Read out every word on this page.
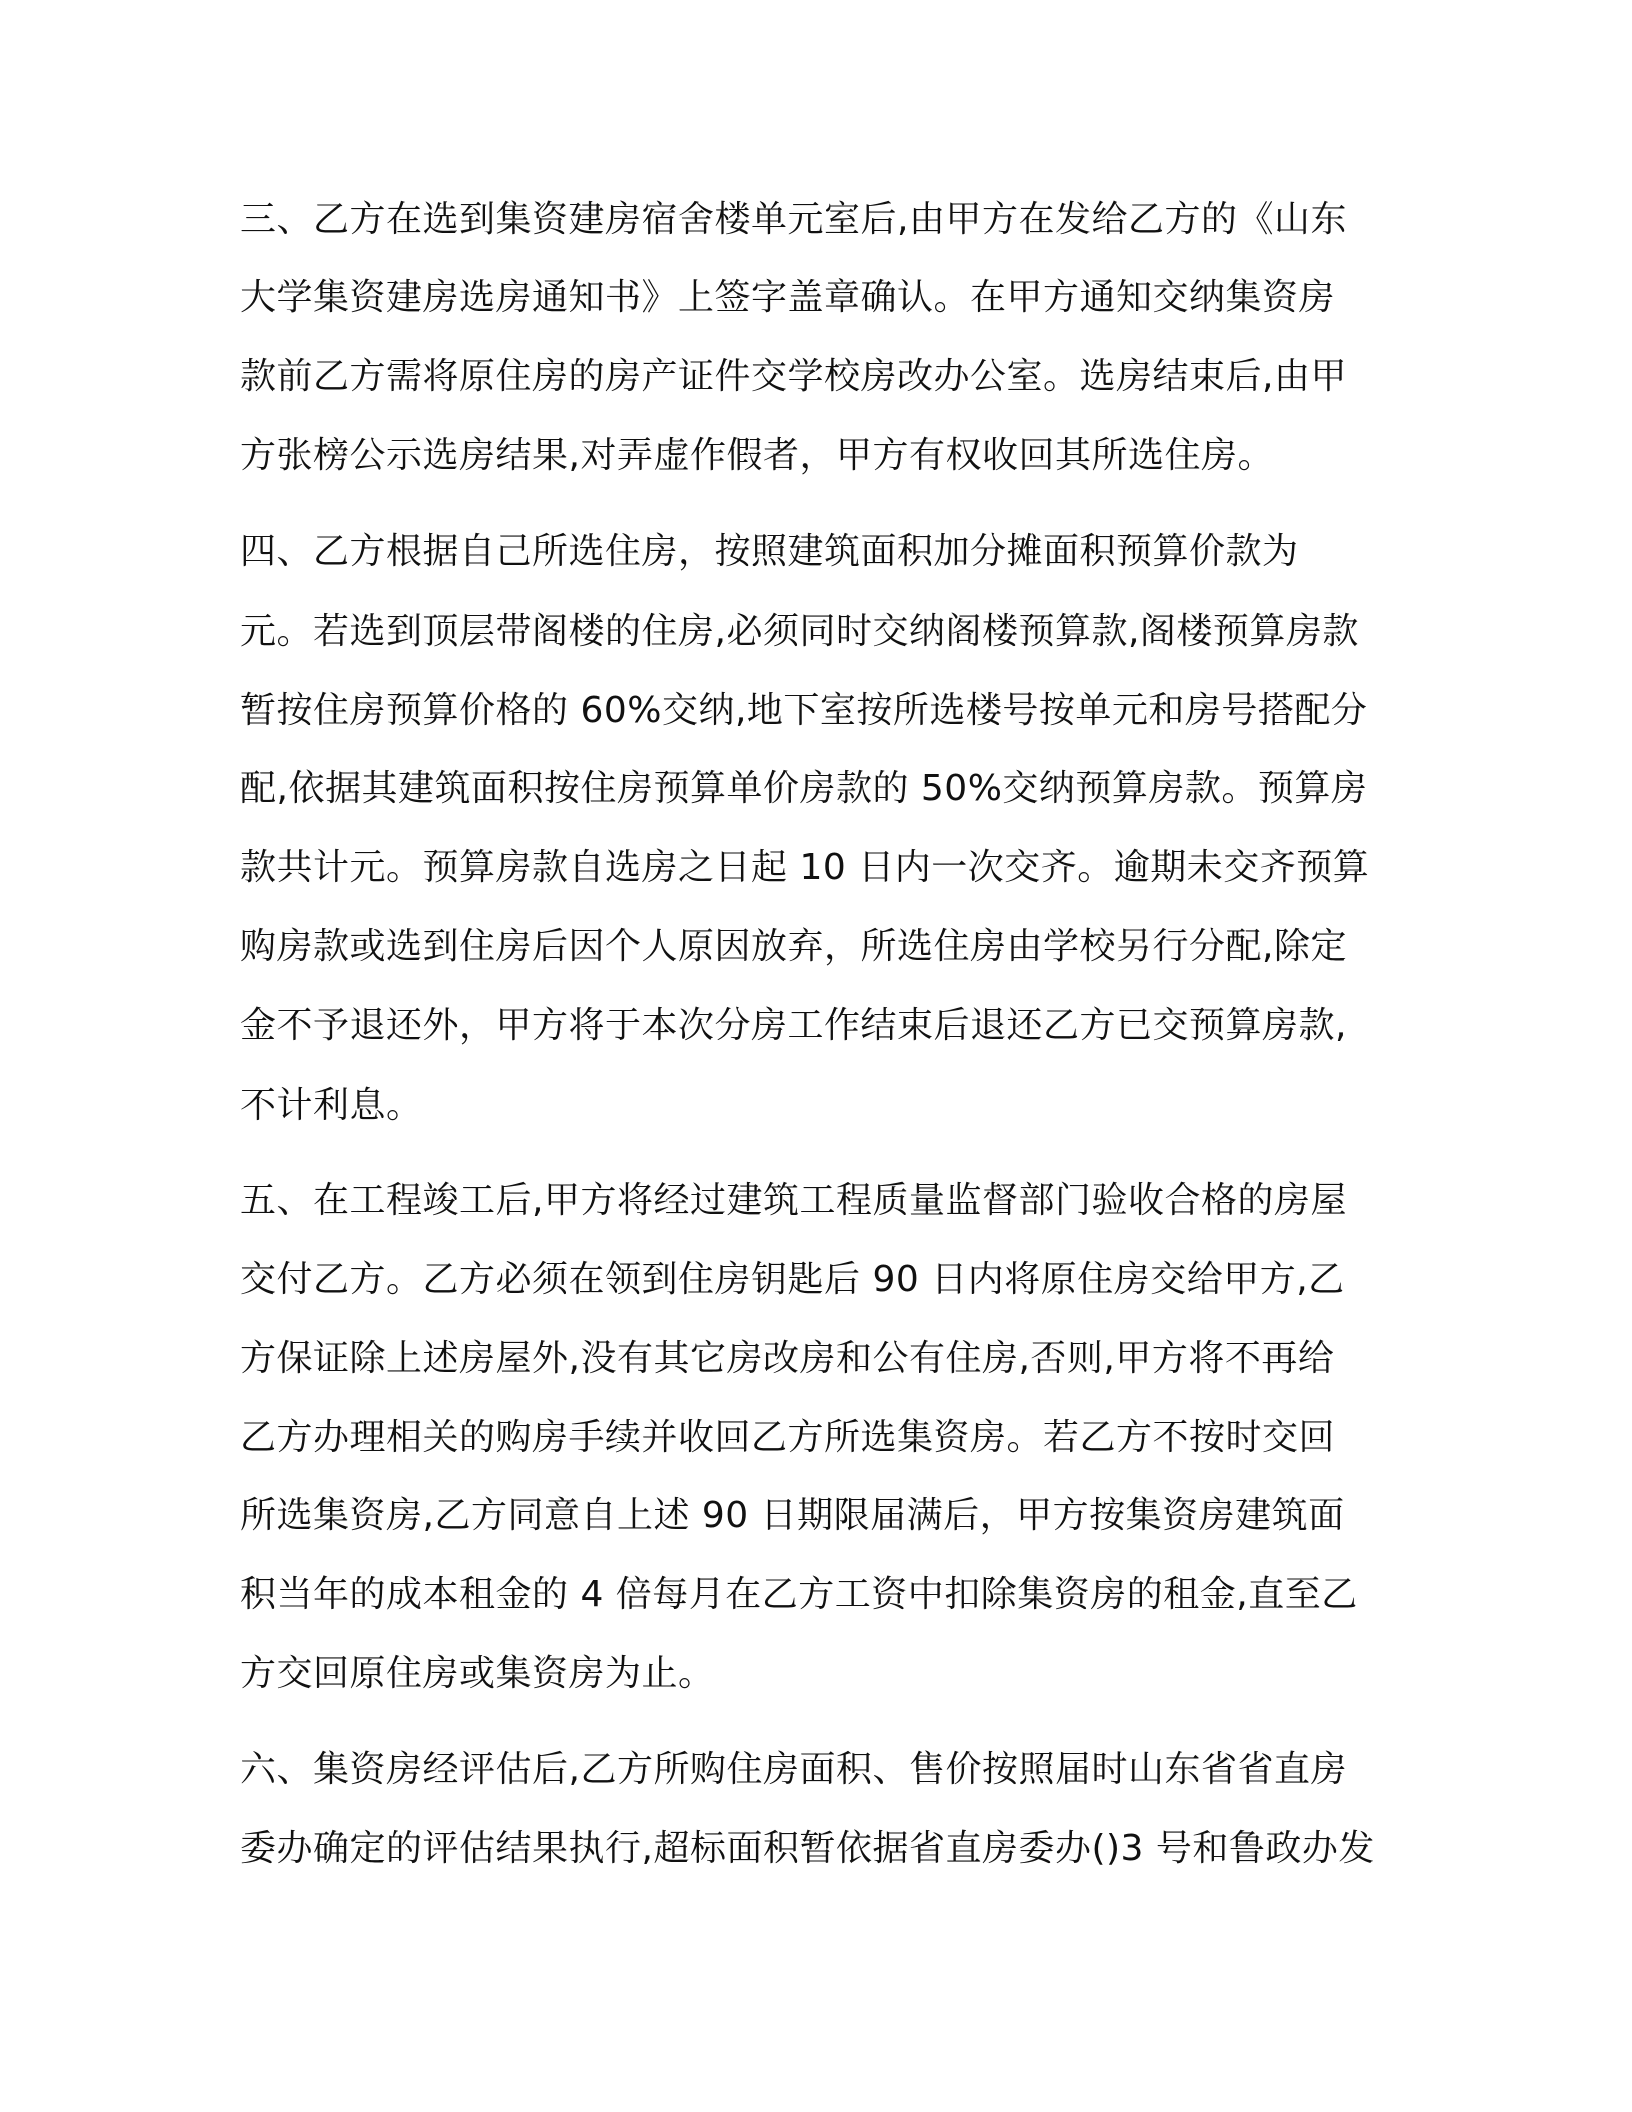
三、乙方在选到集资建房宿舍楼单元室后,由甲方在发给乙方的《山东

大学集资建房选房通知书》上签字盖章确认。在甲方通知交纳集资房

款前乙方需将原住房的房产证件交学校房改办公室。选房结束后,由甲

方张榜公示选房结果,对弄虚作假者，甲方有权收回其所选住房。

四、乙方根据自己所选住房，按照建筑面积加分摊面积预算价款为

元。若选到顶层带阁楼的住房,必须同时交纳阁楼预算款,阁楼预算房款

暂按住房预算价格的 60%交纳,地下室按所选楼号按单元和房号搭配分

配,依据其建筑面积按住房预算单价房款的 50%交纳预算房款。预算房

款共计元。预算房款自选房之日起 10 日内一次交齐。逾期未交齐预算

购房款或选到住房后因个人原因放弃，所选住房由学校另行分配,除定

金不予退还外，甲方将于本次分房工作结束后退还乙方已交预算房款,

不计利息。

五、在工程竣工后,甲方将经过建筑工程质量监督部门验收合格的房屋

交付乙方。乙方必须在领到住房钥匙后 90 日内将原住房交给甲方,乙

方保证除上述房屋外,没有其它房改房和公有住房,否则,甲方将不再给

乙方办理相关的购房手续并收回乙方所选集资房。若乙方不按时交回

所选集资房,乙方同意自上述 90 日期限届满后，甲方按集资房建筑面

积当年的成本租金的 4 倍每月在乙方工资中扣除集资房的租金,直至乙

方交回原住房或集资房为止。

六、集资房经评估后,乙方所购住房面积、售价按照届时山东省省直房

委办确定的评估结果执行,超标面积暂依据省直房委办()3 号和鲁政办发
